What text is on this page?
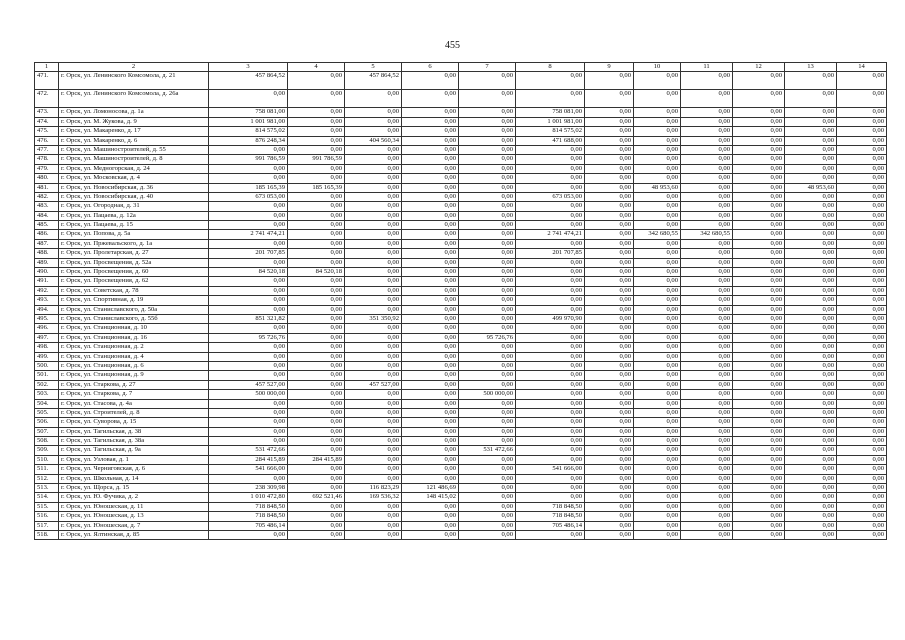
455
1	2	3	4	5	6	7	8	9	10	11	12	13	14
471.	г. Орск, ул. Ленинского Комсомола, д. 21	457 864,52	0,00	457 864,52	0,00	0,00	0,00	0,00	0,00	0,00	0,00	0,00	0,00
472.	г. Орск, ул. Ленинского Комсомола, д. 26а	0,00	0,00	0,00	0,00	0,00	0,00	0,00	0,00	0,00	0,00	0,00	0,00
473.	г. Орск, ул. Ломоносова, д. 1а	758 081,00	0,00	0,00	0,00	0,00	758 081,00	0,00	0,00	0,00	0,00	0,00	0,00
474.	г. Орск, ул. М. Жукова, д. 9	1 001 981,00	0,00	0,00	0,00	0,00	1 001 981,00	0,00	0,00	0,00	0,00	0,00	0,00
475.	г. Орск, ул. Макаренко, д. 17	814 575,02	0,00	0,00	0,00	0,00	814 575,02	0,00	0,00	0,00	0,00	0,00	0,00
476.	г. Орск, ул. Макаренко, д. 6	876 248,34	0,00	404 560,34	0,00	0,00	471 688,00	0,00	0,00	0,00	0,00	0,00	0,00
477.	г. Орск, ул. Машиностроителей, д. 55	0,00	0,00	0,00	0,00	0,00	0,00	0,00	0,00	0,00	0,00	0,00	0,00
478.	г. Орск, ул. Машиностроителей, д. 8	991 786,59	991 786,59	0,00	0,00	0,00	0,00	0,00	0,00	0,00	0,00	0,00	0,00
479.	г. Орск, ул. Медногорская, д. 24	0,00	0,00	0,00	0,00	0,00	0,00	0,00	0,00	0,00	0,00	0,00	0,00
480.	г. Орск, ул. Московская, д. 4	0,00	0,00	0,00	0,00	0,00	0,00	0,00	0,00	0,00	0,00	0,00	0,00
481.	г. Орск, ул. Новосибирская, д. 36	185 165,39	185 165,39	0,00	0,00	0,00	0,00	0,00	48 953,60	0,00	0,00	48 953,60	0,00
482.	г. Орск, ул. Новосибирская, д. 40	673 053,00	0,00	0,00	0,00	0,00	673 053,00	0,00	0,00	0,00	0,00	0,00	0,00
483.	г. Орск, ул. Огородная, д. 31	0,00	0,00	0,00	0,00	0,00	0,00	0,00	0,00	0,00	0,00	0,00	0,00
484.	г. Орск, ул. Пацаева, д. 12а	0,00	0,00	0,00	0,00	0,00	0,00	0,00	0,00	0,00	0,00	0,00	0,00
485.	г. Орск, ул. Пацаева, д. 15	0,00	0,00	0,00	0,00	0,00	0,00	0,00	0,00	0,00	0,00	0,00	0,00
486.	г. Орск, ул. Попова, д. 5а	2 741 474,21	0,00	0,00	0,00	0,00	2 741 474,21	0,00	342 680,55	342 680,55	0,00	0,00	0,00
487.	г. Орск, ул. Пржевальского, д. 1а	0,00	0,00	0,00	0,00	0,00	0,00	0,00	0,00	0,00	0,00	0,00	0,00
488.	г. Орск, ул. Пролетарская, д. 27	201 707,85	0,00	0,00	0,00	0,00	201 707,85	0,00	0,00	0,00	0,00	0,00	0,00
489.	г. Орск, ул. Просвещения, д. 52а	0,00	0,00	0,00	0,00	0,00	0,00	0,00	0,00	0,00	0,00	0,00	0,00
490.	г. Орск, ул. Просвещения, д. 60	84 520,18	84 520,18	0,00	0,00	0,00	0,00	0,00	0,00	0,00	0,00	0,00	0,00
491.	г. Орск, ул. Просвещения, д. 62	0,00	0,00	0,00	0,00	0,00	0,00	0,00	0,00	0,00	0,00	0,00	0,00
492.	г. Орск, ул. Советская, д. 78	0,00	0,00	0,00	0,00	0,00	0,00	0,00	0,00	0,00	0,00	0,00	0,00
493.	г. Орск, ул. Спортивная, д. 19	0,00	0,00	0,00	0,00	0,00	0,00	0,00	0,00	0,00	0,00	0,00	0,00
494.	г. Орск, ул. Станиславского, д. 50а	0,00	0,00	0,00	0,00	0,00	0,00	0,00	0,00	0,00	0,00	0,00	0,00
495.	г. Орск, ул. Станиславского, д. 55б	851 321,82	0,00	351 350,92	0,00	0,00	499 970,90	0,00	0,00	0,00	0,00	0,00	0,00
496.	г. Орск, ул. Станционная, д. 10	0,00	0,00	0,00	0,00	0,00	0,00	0,00	0,00	0,00	0,00	0,00	0,00
497.	г. Орск, ул. Станционная, д. 16	95 726,76	0,00	0,00	0,00	95 726,76	0,00	0,00	0,00	0,00	0,00	0,00	0,00
498.	г. Орск, ул. Станционная, д. 2	0,00	0,00	0,00	0,00	0,00	0,00	0,00	0,00	0,00	0,00	0,00	0,00
499.	г. Орск, ул. Станционная, д. 4	0,00	0,00	0,00	0,00	0,00	0,00	0,00	0,00	0,00	0,00	0,00	0,00
500.	г. Орск, ул. Станционная, д. 6	0,00	0,00	0,00	0,00	0,00	0,00	0,00	0,00	0,00	0,00	0,00	0,00
501.	г. Орск, ул. Станционная, д. 9	0,00	0,00	0,00	0,00	0,00	0,00	0,00	0,00	0,00	0,00	0,00	0,00
502.	г. Орск, ул. Старкова, д. 27	457 527,00	0,00	457 527,00	0,00	0,00	0,00	0,00	0,00	0,00	0,00	0,00	0,00
503.	г. Орск, ул. Старкова, д. 7	500 000,00	0,00	0,00	0,00	500 000,00	0,00	0,00	0,00	0,00	0,00	0,00	0,00
504.	г. Орск, ул. Стасова, д. 4а	0,00	0,00	0,00	0,00	0,00	0,00	0,00	0,00	0,00	0,00	0,00	0,00
505.	г. Орск, ул. Строителей, д. 8	0,00	0,00	0,00	0,00	0,00	0,00	0,00	0,00	0,00	0,00	0,00	0,00
506.	г. Орск, ул. Суворова, д. 15	0,00	0,00	0,00	0,00	0,00	0,00	0,00	0,00	0,00	0,00	0,00	0,00
507.	г. Орск, ул. Тагильская, д. 38	0,00	0,00	0,00	0,00	0,00	0,00	0,00	0,00	0,00	0,00	0,00	0,00
508.	г. Орск, ул. Тагильская, д. 38а	0,00	0,00	0,00	0,00	0,00	0,00	0,00	0,00	0,00	0,00	0,00	0,00
509.	г. Орск, ул. Тагильская, д. 9а	531 472,66	0,00	0,00	0,00	531 472,66	0,00	0,00	0,00	0,00	0,00	0,00	0,00
510.	г. Орск, ул. Узловая, д. 1	284 415,89	284 415,89	0,00	0,00	0,00	0,00	0,00	0,00	0,00	0,00	0,00	0,00
511.	г. Орск, ул. Черниговская, д. 6	541 666,00	0,00	0,00	0,00	0,00	541 666,00	0,00	0,00	0,00	0,00	0,00	0,00
512.	г. Орск, ул. Школьная, д. 14	0,00	0,00	0,00	0,00	0,00	0,00	0,00	0,00	0,00	0,00	0,00	0,00
513.	г. Орск, ул. Щорса, д. 15	238 309,98	0,00	116 823,29	121 486,69	0,00	0,00	0,00	0,00	0,00	0,00	0,00	0,00
514.	г. Орск, ул. Ю. Фучика, д. 2	1 010 472,80	692 521,46	169 536,32	148 415,02	0,00	0,00	0,00	0,00	0,00	0,00	0,00	0,00
515.	г. Орск, ул. Юношеская, д. 11	718 848,50	0,00	0,00	0,00	0,00	718 848,50	0,00	0,00	0,00	0,00	0,00	0,00
516.	г. Орск, ул. Юношеская, д. 13	718 848,50	0,00	0,00	0,00	0,00	718 848,50	0,00	0,00	0,00	0,00	0,00	0,00
517.	г. Орск, ул. Юношеская, д. 7	705 486,14	0,00	0,00	0,00	0,00	705 486,14	0,00	0,00	0,00	0,00	0,00	0,00
518.	г. Орск, ул. Ялтинская, д. 85	0,00	0,00	0,00	0,00	0,00	0,00	0,00	0,00	0,00	0,00	0,00	0,00
